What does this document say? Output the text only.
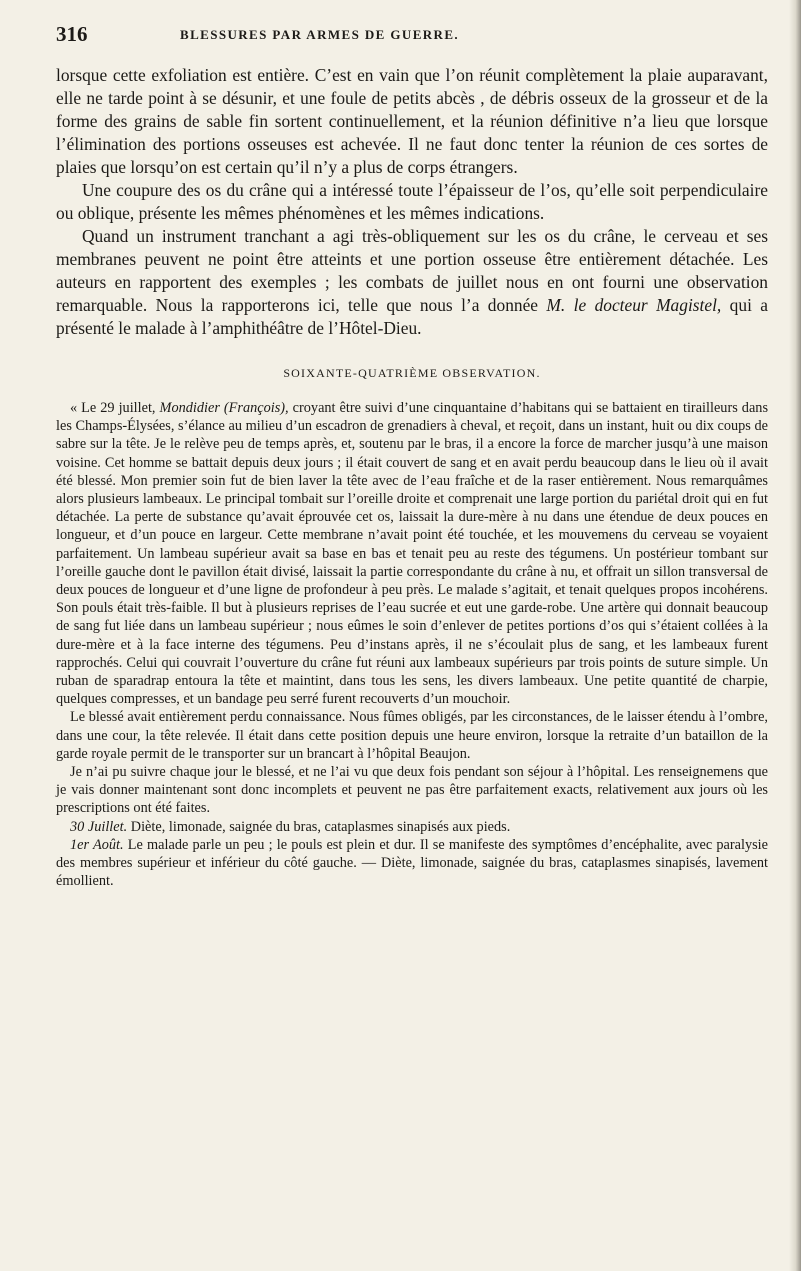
316	BLESSURES PAR ARMES DE GUERRE.

lorsque cette exfoliation est entière. C’est en vain que l’on réunit complètement la plaie auparavant, elle ne tarde point à se désunir, et une foule de petits abcès , de débris osseux de la grosseur et de la forme des grains de sable fin sortent continuellement, et la réunion définitive n’a lieu que lorsque l’élimination des portions osseuses est achevée. Il ne faut donc tenter la réunion de ces sortes de plaies que lorsqu’on est certain qu’il n’y a plus de corps étrangers.

Une coupure des os du crâne qui a intéressé toute l’épaisseur de l’os, qu’elle soit perpendiculaire ou oblique, présente les mêmes phénomènes et les mêmes indications.

Quand un instrument tranchant a agi très-obliquement sur les os du crâne, le cerveau et ses membranes peuvent ne point être atteints et une portion osseuse être entièrement détachée. Les auteurs en rapportent des exemples ; les combats de juillet nous en ont fourni une observation remarquable. Nous la rapporterons ici, telle que nous l’a donnée M. le docteur Magistel, qui a présenté le malade à l’amphithéâtre de l’Hôtel-Dieu.

SOIXANTE-QUATRIÈME OBSERVATION.

« Le 29 juillet, Mondidier (François), croyant être suivi d’une cinquantaine d’habitans qui se battaient en tirailleurs dans les Champs-Élysées, s’élance au milieu d’un escadron de grenadiers à cheval, et reçoit, dans un instant, huit ou dix coups de sabre sur la tête. Je le relève peu de temps après, et, soutenu par le bras, il a encore la force de marcher jusqu’à une maison voisine. Cet homme se battait depuis deux jours ; il était couvert de sang et en avait perdu beaucoup dans le lieu où il avait été blessé. Mon premier soin fut de bien laver la tête avec de l’eau fraîche et de la raser entièrement. Nous remarquâmes alors plusieurs lambeaux. Le principal tombait sur l’oreille droite et comprenait une large portion du pariétal droit qui en fut détachée. La perte de substance qu’avait éprouvée cet os, laissait la dure-mère à nu dans une étendue de deux pouces en longueur, et d’un pouce en largeur. Cette membrane n’avait point été touchée, et les mouvemens du cerveau se voyaient parfaitement. Un lambeau supérieur avait sa base en bas et tenait peu au reste des tégumens. Un postérieur tombant sur l’oreille gauche dont le pavillon était divisé, laissait la partie correspondante du crâne à nu, et offrait un sillon transversal de deux pouces de longueur et d’une ligne de profondeur à peu près. Le malade s’agitait, et tenait quelques propos incohérens. Son pouls était très-faible. Il but à plusieurs reprises de l’eau sucrée et eut une garde-robe. Une artère qui donnait beaucoup de sang fut liée dans un lambeau supérieur ; nous eûmes le soin d’enlever de petites portions d’os qui s’étaient collées à la dure-mère et à la face interne des tégumens. Peu d’instans après, il ne s’écoulait plus de sang, et les lambeaux furent rapprochés. Celui qui couvrait l’ouverture du crâne fut réuni aux lambeaux supérieurs par trois points de suture simple. Un ruban de sparadrap entoura la tête et maintint, dans tous les sens, les divers lambeaux. Une petite quantité de charpie, quelques compresses, et un bandage peu serré furent recouverts d’un mouchoir.

Le blessé avait entièrement perdu connaissance. Nous fûmes obligés, par les circonstances, de le laisser étendu à l’ombre, dans une cour, la tête relevée. Il était dans cette position depuis une heure environ, lorsque la retraite d’un bataillon de la garde royale permit de le transporter sur un brancart à l’hôpital Beaujon.

Je n’ai pu suivre chaque jour le blessé, et ne l’ai vu que deux fois pendant son séjour à l’hôpital. Les renseignemens que je vais donner maintenant sont donc incomplets et peuvent ne pas être parfaitement exacts, relativement aux jours où les prescriptions ont été faites.

30 Juillet. Diète, limonade, saignée du bras, cataplasmes sinapisés aux pieds.

1er Août. Le malade parle un peu ; le pouls est plein et dur. Il se manifeste des symptômes d’encéphalite, avec paralysie des membres supérieur et inférieur du côté gauche. — Diète, limonade, saignée du bras, cataplasmes sinapisés, lavement émollient.
